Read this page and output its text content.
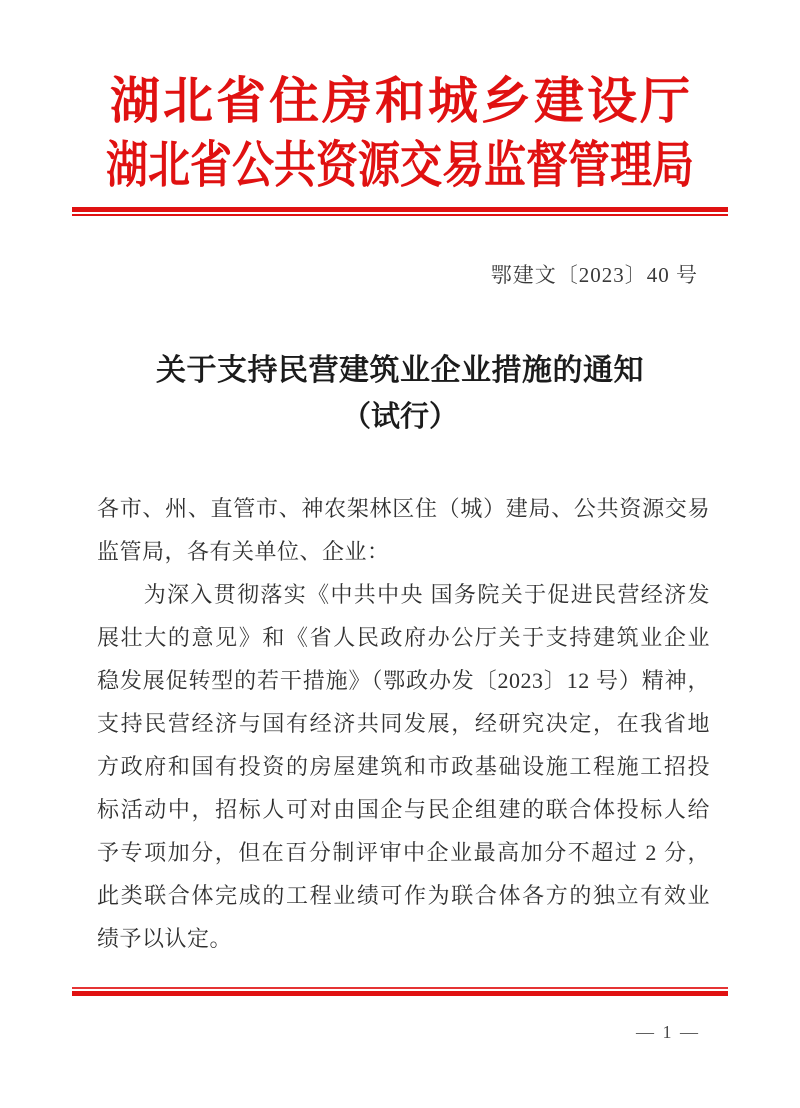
湖北省住房和城乡建设厅
湖北省公共资源交易监督管理局
鄂建文〔2023〕40 号
关于支持民营建筑业企业措施的通知
（试行）
各市、州、直管市、神农架林区住（城）建局、公共资源交易
监管局，各有关单位、企业：
　　为深入贯彻落实《中共中央 国务院关于促进民营经济发
展壮大的意见》和《省人民政府办公厅关于支持建筑业企业
稳发展促转型的若干措施》（鄂政办发〔2023〕12 号）精神，
支持民营经济与国有经济共同发展，经研究决定，在我省地
方政府和国有投资的房屋建筑和市政基础设施工程施工招投
标活动中，招标人可对由国企与民企组建的联合体投标人给
予专项加分，但在百分制评审中企业最高加分不超过 2 分，
此类联合体完成的工程业绩可作为联合体各方的独立有效业
绩予以认定。
— 1 —
